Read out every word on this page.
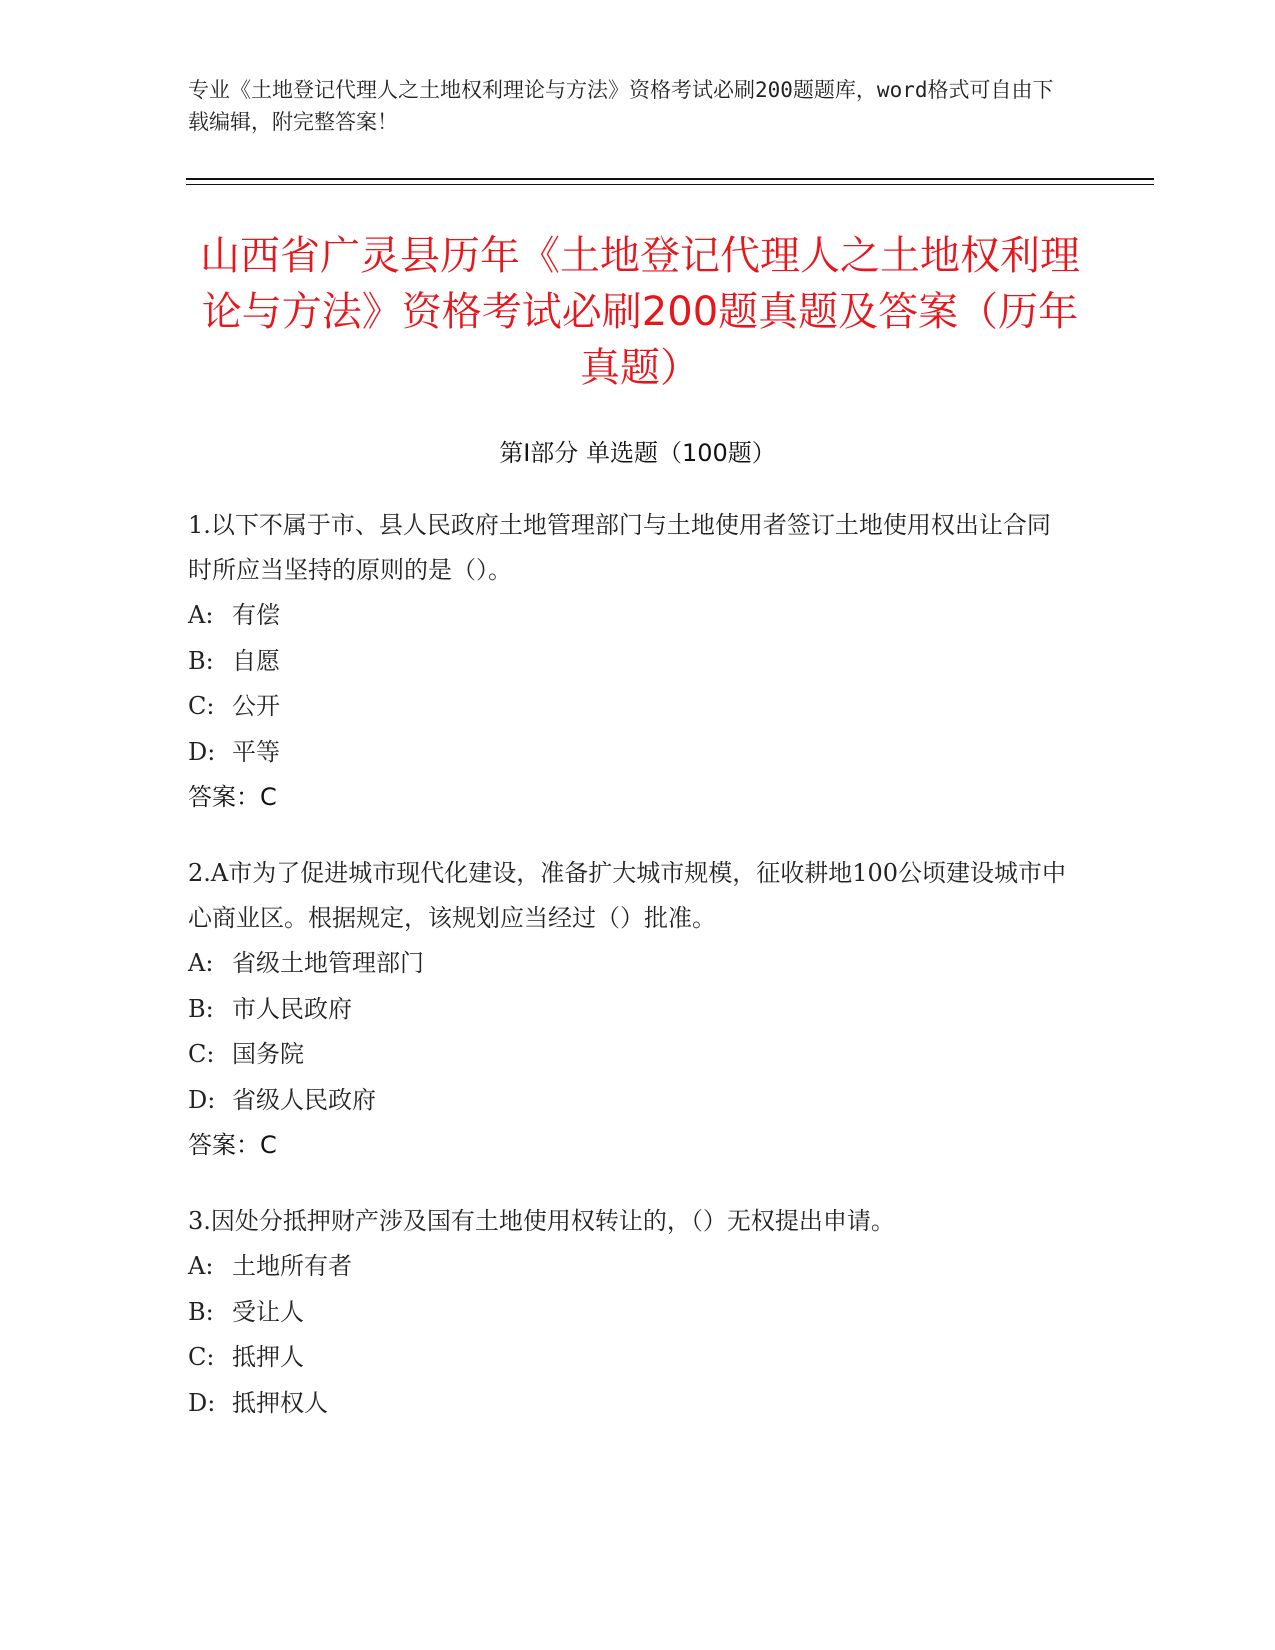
专业《土地登记代理人之土地权利理论与方法》资格考试必刷200题题库，word格式可自由下载编辑，附完整答案！
山西省广灵县历年《土地登记代理人之土地权利理论与方法》资格考试必刷200题真题及答案（历年真题）
第Ⅰ部分 单选题（100题）
1.以下不属于市、县人民政府土地管理部门与土地使用者签订土地使用权出让合同时所应当坚持的原则的是（）。
A: 有偿
B: 自愿
C: 公开
D: 平等
答案：C
2.A市为了促进城市现代化建设，准备扩大城市规模，征收耕地100公顷建设城市中心商业区。根据规定，该规划应当经过（）批准。
A: 省级土地管理部门
B: 市人民政府
C: 国务院
D: 省级人民政府
答案：C
3.因处分抵押财产涉及国有土地使用权转让的，（）无权提出申请。
A: 土地所有者
B: 受让人
C: 抵押人
D: 抵押权人
